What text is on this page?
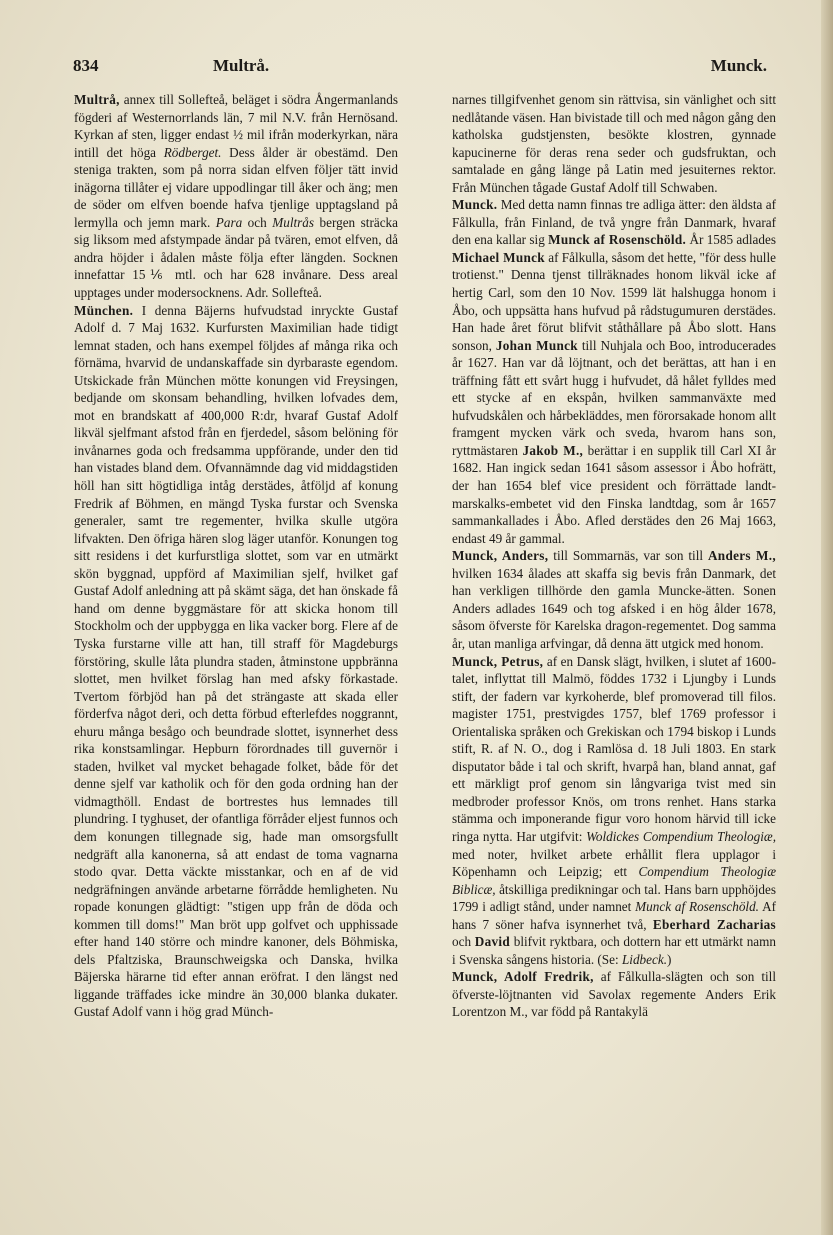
834	Multrå.	Munck.

Multrå, annex till Sollefteå, beläget i södra Ångermanlands fögderi af Westernorrlands län, 7 mil N.V. från Hernösand. Kyrkan af sten, ligger endast ½ mil ifrån moderkyrkan, nära intill det höga Rödberget. Dess ålder är obestämd. Den steniga trakten, som på norra sidan elfven följer tätt invid inägorna tillåter ej vidare uppodlingar till åker och äng; men de söder om elfven boende hafva tjenlige upptagsland på lermylla och jemn mark. Para och Multrås bergen sträcka sig liksom med afstympade ändar på tvären, emot elfven, då andra höjder i ådalen måste följa efter längden. Socknen innefattar 15⅙ mtl. och har 628 invånare. Dess areal upptages under modersocknens. Adr. Sollefteå.

München. I denna Bäjerns hufvudstad inryckte Gustaf Adolf d. 7 Maj 1632. Kurfursten Maximilian hade tidigt lemnat staden, och hans exempel följdes af många rika och förnäma, hvarvid de undanskaffade sin dyrbaraste egendom. Utskickade från München mötte konungen vid Freysingen, bedjande om skonsam behandling, hvilken lofvades dem, mot en brandskatt af 400,000 R:dr, hvaraf Gustaf Adolf likväl sjelfmant afstod från en fjerdedel, såsom belöning för invånarnes goda och fredsamma uppförande, under den tid han vistades bland dem. Ofvannämnde dag vid middagstiden höll han sitt högtidliga intåg derstädes, åtföljd af konung Fredrik af Böhmen, en mängd Tyska furstar och Svenska generaler, samt tre regementer, hvilka skulle utgöra lifvakten. Den öfriga hären slog läger utanför. Konungen tog sitt residens i det kurfurstliga slottet, som var en utmärkt skön byggnad, uppförd af Maximilian sjelf, hvilket gaf Gustaf Adolf anledning att på skämt säga, det han önskade få hand om denne byggmästare för att skicka honom till Stockholm och der uppbygga en lika vacker borg. Flere af de Tyska furstarne ville att han, till straff för Magdeburgs förstöring, skulle låta plundra staden, åtminstone uppbränna slottet, men hvilket förslag han med afsky förkastade. Tvertom förbjöd han på det strängaste att skada eller förderfva något deri, och detta förbud efterlefdes noggrannt, ehuru många besågo och beundrade slottet, isynnerhet dess rika konstsamlingar. Hepburn förordnades till guvernör i staden, hvilket val mycket behagade folket, både för det denne sjelf var katholik och för den goda ordning han der vidmagthöll. Endast de bortrestes hus lemnades till plundring. I tyghuset, der ofantliga förråder eljest funnos och dem konungen tillegnade sig, hade man omsorgsfullt nedgräft alla kanonerna, så att endast de toma vagnarna stodo qvar. Detta väckte misstankar, och en af de vid nedgräfningen använde arbetarne förrådde hemligheten. Nu ropade konungen glädtigt: "stigen upp från de döda och kommen till doms!" Man bröt upp golfvet och upphissade efter hand 140 större och mindre kanoner, dels Böhmiska, dels Pfaltziska, Braunschweigska och Danska, hvilka Bäjerska härarne tid efter annan eröfrat. I den längst ned liggande träffades icke mindre än 30,000 blanka dukater. Gustaf Adolf vann i hög grad Münch-

narnes tillgifvenhet genom sin rättvisa, sin vänlighet och sitt nedlåtande väsen. Han bivistade till och med någon gång den katholska gudstjensten, besökte klostren, gynnade kapucinerne för deras rena seder och gudsfruktan, och samtalade en gång länge på Latin med jesuiternes rektor. Från München tågade Gustaf Adolf till Schwaben.

Munck. Med detta namn finnas tre adliga ätter: den äldsta af Fålkulla, från Finland, de två yngre från Danmark, hvaraf den ena kallar sig Munck af Rosenschöld. År 1585 adlades Michael Munck af Fålkulla, såsom det hette, "för dess hulle trotienst." Denna tjenst tillräknades honom likväl icke af hertig Carl, som den 10 Nov. 1599 lät halshugga honom i Åbo, och uppsätta hans hufvud på rådstugumuren derstädes. Han hade året förut blifvit ståthållare på Åbo slott. Hans sonson, Johan Munck till Nuhjala och Boo, introducerades år 1627. Han var då löjtnant, och det berättas, att han i en träffning fått ett svårt hugg i hufvudet, då hålet fylldes med ett stycke af en ekspån, hvilken sammanväxte med hufvudskålen och hårbekläddes, men förorsakade honom allt framgent mycken värk och sveda, hvarom hans son, ryttmästaren Jakob M., berättar i en supplik till Carl XI år 1682. Han ingick sedan 1641 såsom assessor i Åbo hofrätt, der han 1654 blef vice president och förrättade landt-marskalks-embetet vid den Finska landtdag, som år 1657 sammankallades i Åbo. Afled derstädes den 26 Maj 1663, endast 49 år gammal.

Munck, Anders, till Sommarnäs, var son till Anders M., hvilken 1634 ålades att skaffa sig bevis från Danmark, det han verkligen tillhörde den gamla Muncke-ätten. Sonen Anders adlades 1649 och tog afsked i en hög ålder 1678, såsom öfverste för Karelska dragon-regementet. Dog samma år, utan manliga arfvingar, då denna ätt utgick med honom.

Munck, Petrus, af en Dansk slägt, hvilken, i slutet af 1600-talet, inflyttat till Malmö, föddes 1732 i Ljungby i Lunds stift, der fadern var kyrkoherde, blef promoverad till filos. magister 1751, prestvigdes 1757, blef 1769 professor i Orientaliska språken och Grekiskan och 1794 biskop i Lunds stift, R. af N. O., dog i Ramlösa d. 18 Juli 1803. En stark disputator både i tal och skrift, hvarpå han, bland annat, gaf ett märkligt prof genom sin långvariga tvist med sin medbroder professor Knös, om trons renhet. Hans starka stämma och imponerande figur voro honom härvid till icke ringa nytta. Har utgifvit: Woldickes Compendium Theologiæ, med noter, hvilket arbete erhållit flera upplagor i Köpenhamn och Leipzig; ett Compendium Theologiæ Biblicæ, åtskilliga predikningar och tal. Hans barn upphöjdes 1799 i adligt stånd, under namnet Munck af Rosenschöld. Af hans 7 söner hafva isynnerhet två, Eberhard Zacharias och David blifvit ryktbara, och dottern har ett utmärkt namn i Svenska sångens historia. (Se: Lidbeck.)

Munck, Adolf Fredrik, af Fålkulla-slägten och son till öfverste-löjtnanten vid Savolax regemente Anders Erik Lorentzon M., var född på Rantakylä
